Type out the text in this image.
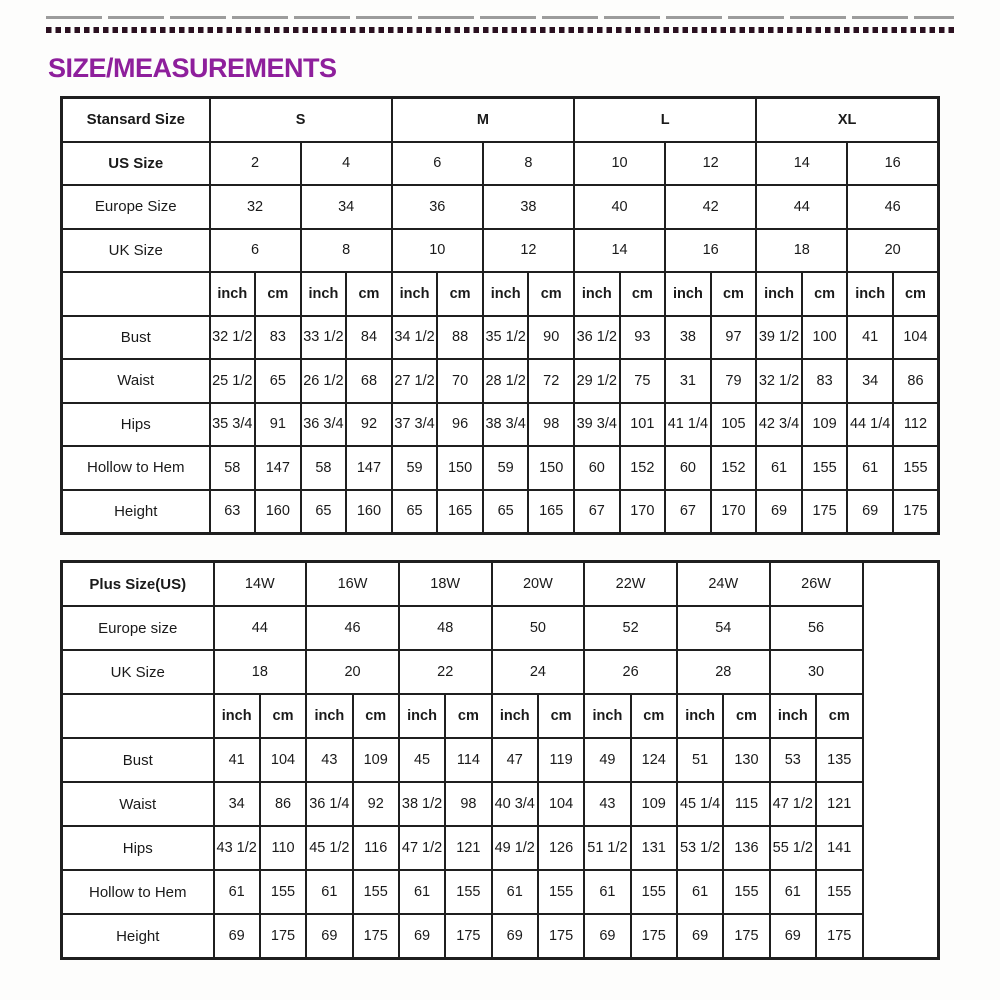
SIZE/MEASUREMENTS
Stansard Size	S				M				L				XL			
US Size	2		4		6		8		10		12		14		16	
Europe Size	32		34		36		38		40		42		44		46	
UK Size	6		8		10		12		14		16		18		20	
	inch	cm	inch	cm	inch	cm	inch	cm	inch	cm	inch	cm	inch	cm	inch	cm
Bust	32 1/2	83	33 1/2	84	34 1/2	88	35 1/2	90	36 1/2	93	38	97	39 1/2	100	41	104
Waist	25 1/2	65	26 1/2	68	27 1/2	70	28 1/2	72	29 1/2	75	31	79	32 1/2	83	34	86
Hips	35 3/4	91	36 3/4	92	37 3/4	96	38 3/4	98	39 3/4	101	41 1/4	105	42 3/4	109	44 1/4	112
Hollow to Hem	58	147	58	147	59	150	59	150	60	152	60	152	61	155	61	155
Height	63	160	65	160	65	165	65	165	67	170	67	170	69	175	69	175
Plus Size(US)	14W		16W		18W		20W		22W		24W		26W		
Europe size	44		46		48		50		52		54		56		
UK Size	18		20		22		24		26		28		30		
	inch	cm	inch	cm	inch	cm	inch	cm	inch	cm	inch	cm	inch	cm	
Bust	41	104	43	109	45	114	47	119	49	124	51	130	53	135	
Waist	34	86	36 1/4	92	38 1/2	98	40 3/4	104	43	109	45 1/4	115	47 1/2	121	
Hips	43 1/2	110	45 1/2	116	47 1/2	121	49 1/2	126	51 1/2	131	53 1/2	136	55 1/2	141	
Hollow to Hem	61	155	61	155	61	155	61	155	61	155	61	155	61	155	
Height	69	175	69	175	69	175	69	175	69	175	69	175	69	175	
